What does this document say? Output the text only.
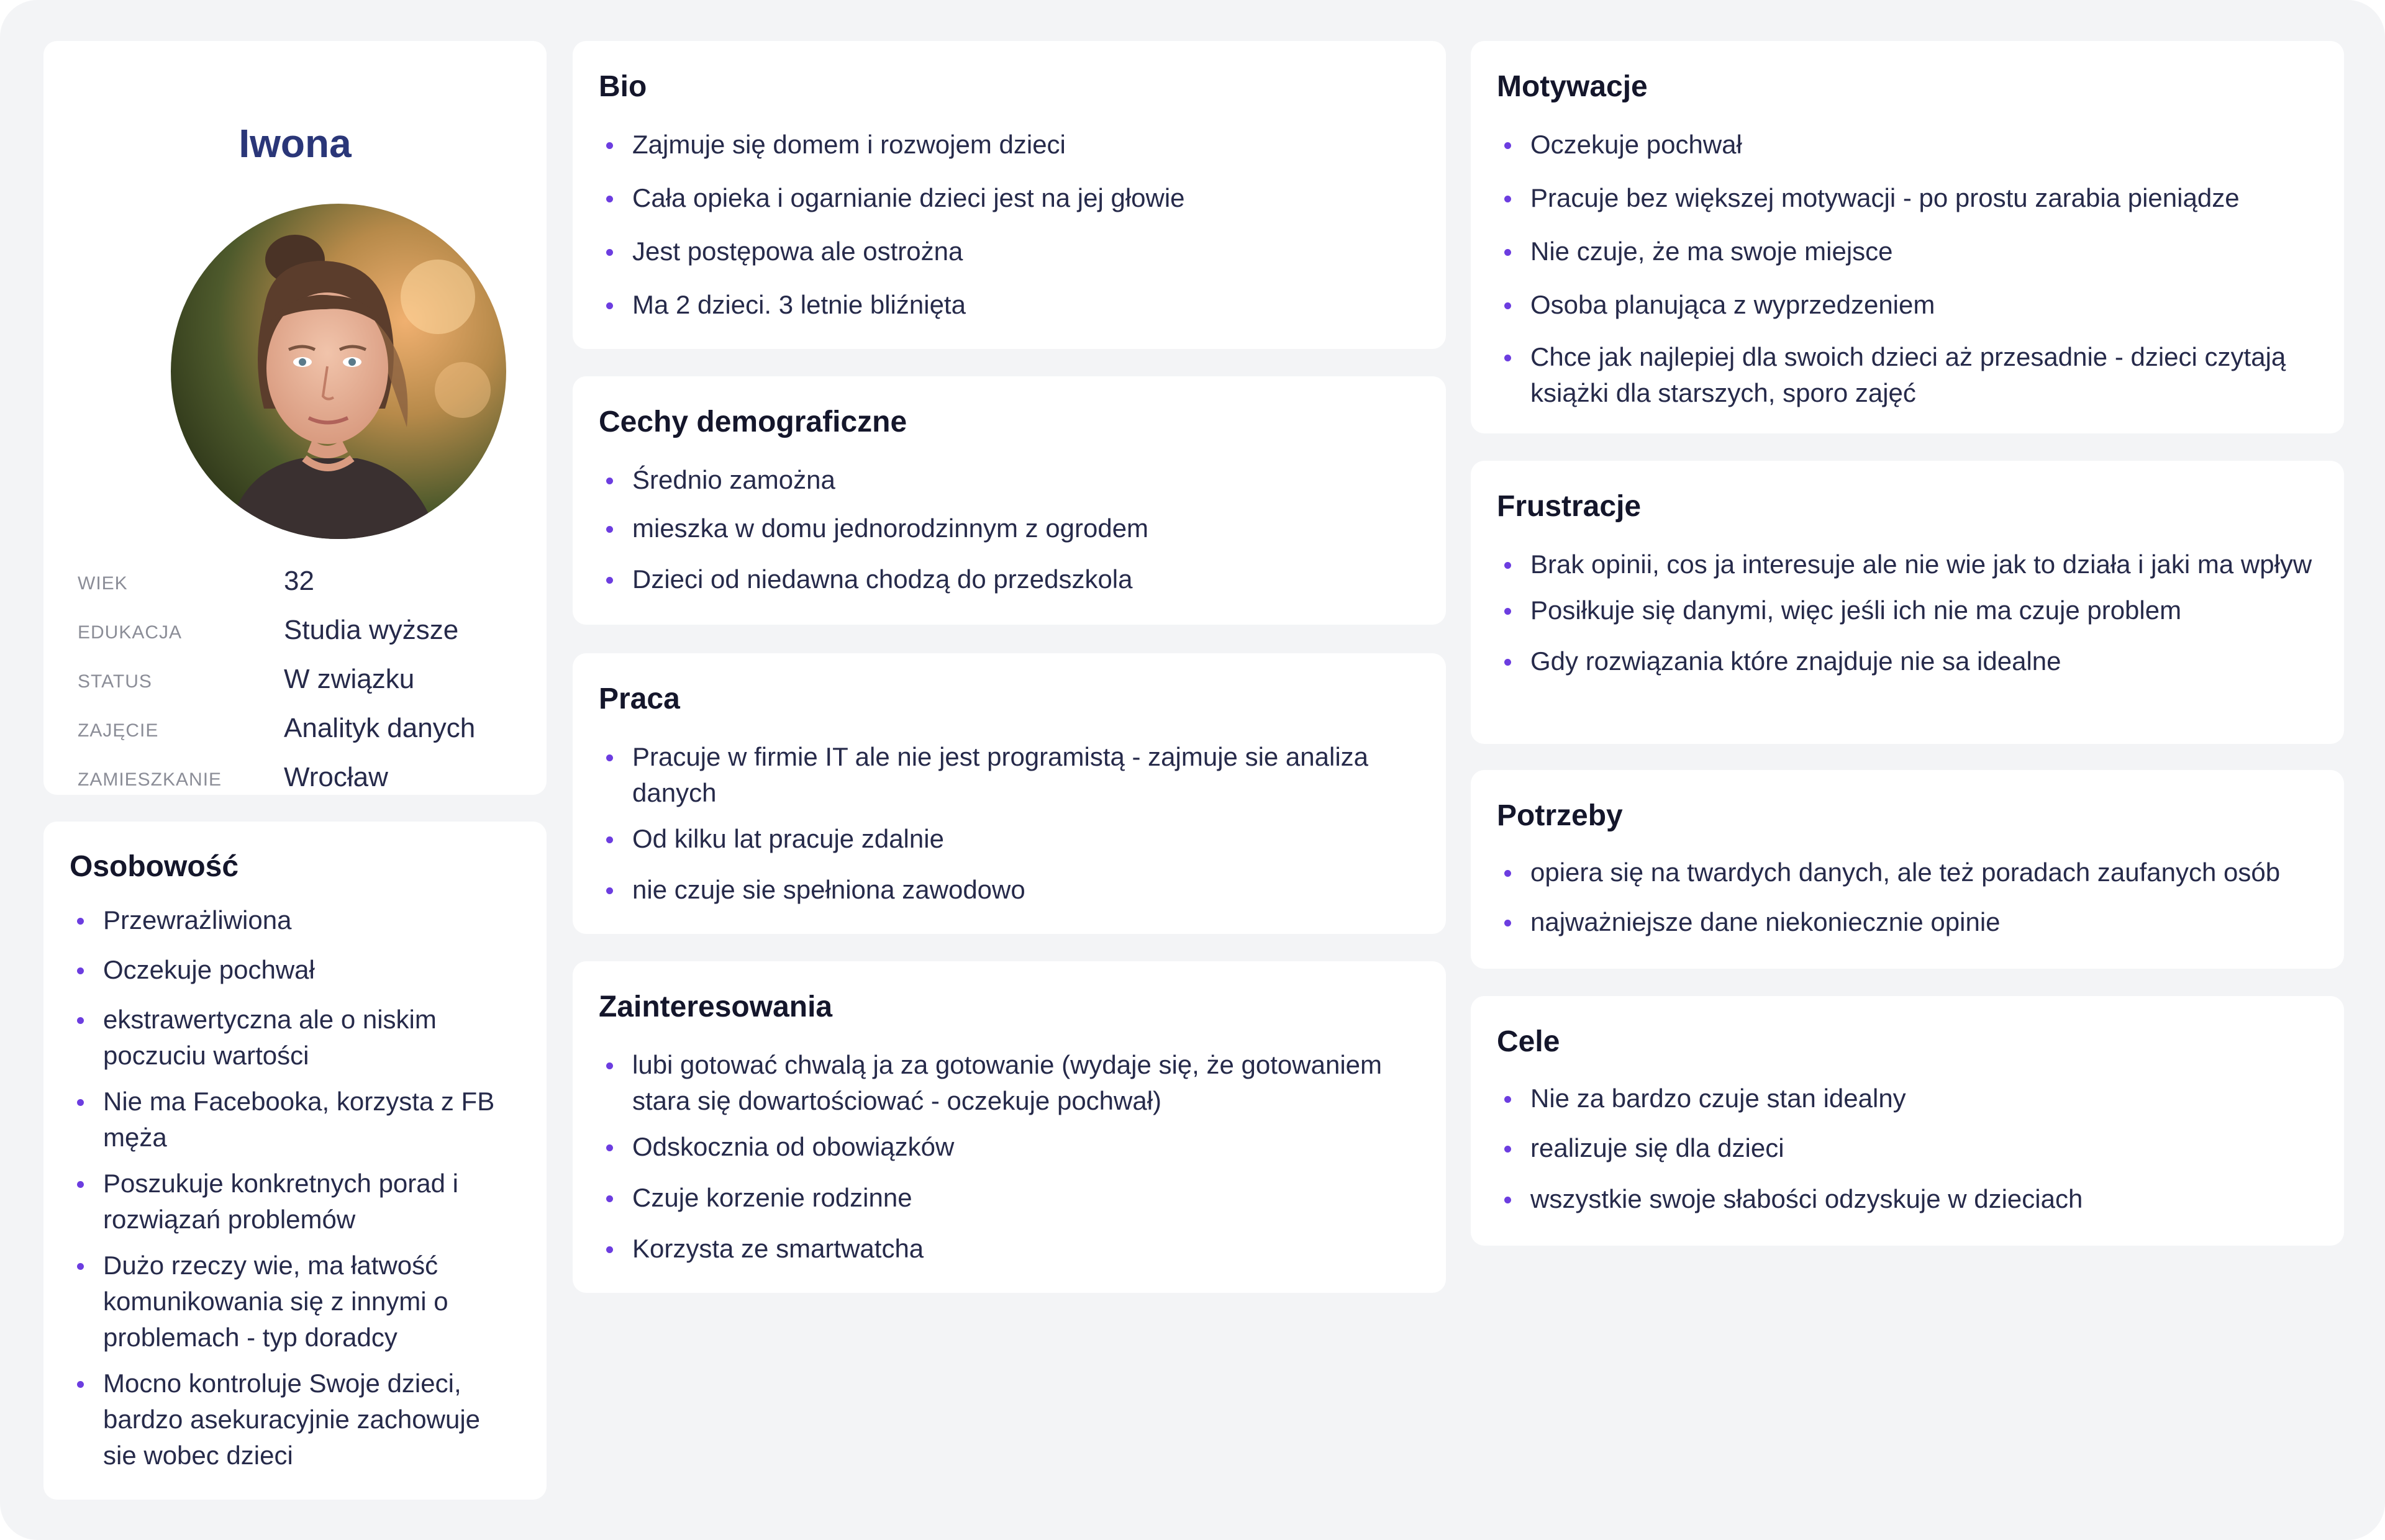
Iwona
WIEK	32
EDUKACJA	Studia wyższe
STATUS	W związku
ZAJĘCIE	Analityk danych
ZAMIESZKANIE Wrocław
Osobowość
Przewrażliwiona
Oczekuje pochwał
ekstrawertyczna ale o niskim poczuciu wartości
Nie ma Facebooka, korzysta z FB męża
Poszukuje konkretnych porad i rozwiązań problemów
Dużo rzeczy wie, ma łatwość komunikowania się z innymi o problemach - typ doradcy
Mocno kontroluje Swoje dzieci, bardzo asekuracyjnie zachowuje sie wobec dzieci
Bio
Zajmuje się domem i rozwojem dzieci
Cała opieka i ogarnianie dzieci jest na jej głowie
Jest postępowa ale ostrożna
Ma 2 dzieci. 3 letnie bliźnięta
Cechy demograficzne
Średnio zamożna
mieszka w domu jednorodzinnym z ogrodem
Dzieci od niedawna chodzą do przedszkola
Praca
Pracuje w firmie IT ale nie jest programistą - zajmuje sie analiza danych
Od kilku lat pracuje zdalnie
nie czuje sie spełniona zawodowo
Zainteresowania
lubi gotować chwalą ja za gotowanie (wydaje się, że gotowaniem stara się dowartościować - oczekuje pochwał)
Odskocznia od obowiązków
Czuje korzenie rodzinne
Korzysta ze smartwatcha
Motywacje
Oczekuje pochwał
Pracuje bez większej motywacji - po prostu zarabia pieniądze
Nie czuje, że ma swoje miejsce
Osoba planująca z wyprzedzeniem
Chce jak najlepiej dla swoich dzieci aż przesadnie - dzieci czytają książki dla starszych, sporo zajęć
Frustracje
Brak opinii, cos ja interesuje ale nie wie jak to działa i jaki ma wpływ
Posiłkuje się danymi, więc jeśli ich nie ma czuje problem
Gdy rozwiązania które znajduje nie sa idealne
Potrzeby
opiera się na twardych danych, ale też poradach zaufanych osób
najważniejsze dane niekoniecznie opinie
Cele
Nie za bardzo czuje stan idealny
realizuje się dla dzieci
wszystkie swoje słabości odzyskuje w dzieciach
